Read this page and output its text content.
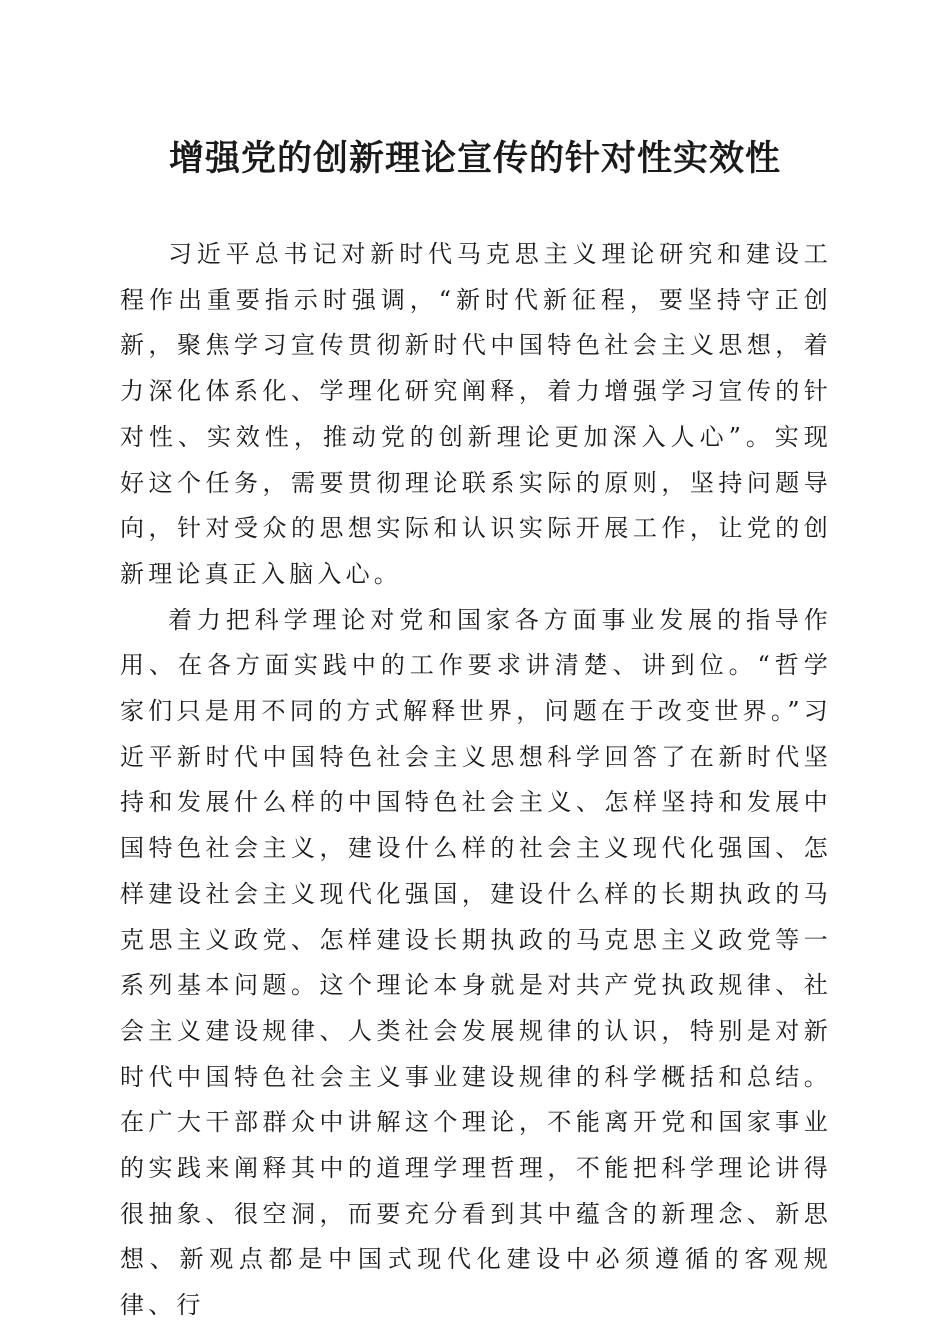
增强党的创新理论宣传的针对性实效性

习近平总书记对新时代马克思主义理论研究和建设工程作出重要指示时强调，“新时代新征程，要坚持守正创新，聚焦学习宣传贯彻新时代中国特色社会主义思想，着力深化体系化、学理化研究阐释，着力增强学习宣传的针对性、实效性，推动党的创新理论更加深入人心”。实现好这个任务，需要贯彻理论联系实际的原则，坚持问题导向，针对受众的思想实际和认识实际开展工作，让党的创新理论真正入脑入心。

着力把科学理论对党和国家各方面事业发展的指导作用、在各方面实践中的工作要求讲清楚、讲到位。“哲学家们只是用不同的方式解释世界，问题在于改变世界。”习近平新时代中国特色社会主义思想科学回答了在新时代坚持和发展什么样的中国特色社会主义、怎样坚持和发展中国特色社会主义，建设什么样的社会主义现代化强国、怎样建设社会主义现代化强国，建设什么样的长期执政的马克思主义政党、怎样建设长期执政的马克思主义政党等一系列基本问题。这个理论本身就是对共产党执政规律、社会主义建设规律、人类社会发展规律的认识，特别是对新时代中国特色社会主义事业建设规律的科学概括和总结。在广大干部群众中讲解这个理论，不能离开党和国家事业的实践来阐释其中的道理学理哲理，不能把科学理论讲得很抽象、很空洞，而要充分看到其中蕴含的新理念、新思想、新观点都是中国式现代化建设中必须遵循的客观规律、行
